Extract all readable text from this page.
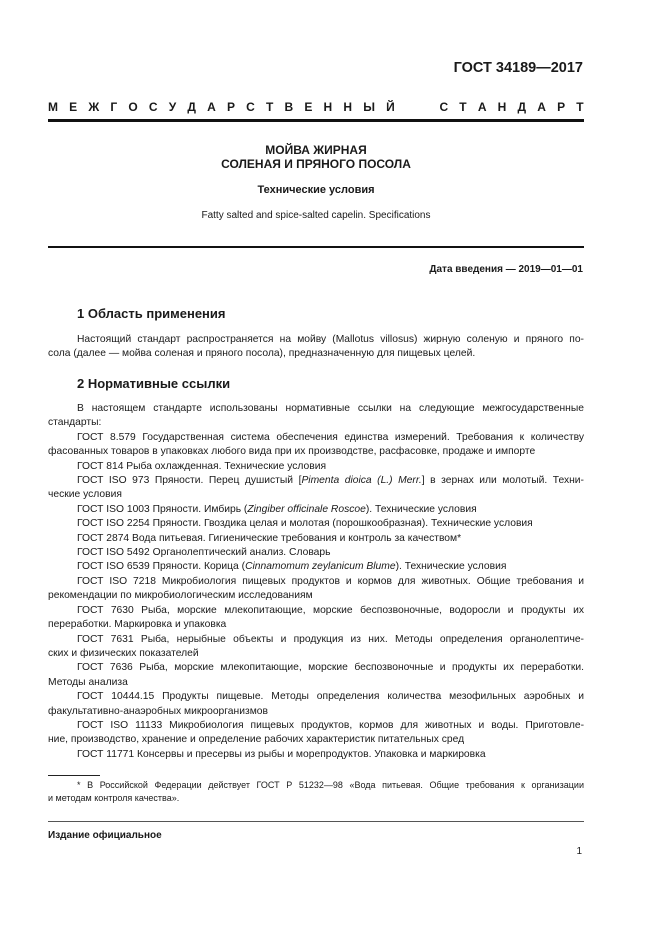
ГОСТ 34189—2017
М Е Ж Г О С У Д А Р С Т В Е Н Н Ы Й	С Т А Н Д А Р Т
МОЙВА ЖИРНАЯ
СОЛЕНАЯ И ПРЯНОГО ПОСОЛА
Технические условия
Fatty salted and spice-salted capelin. Specifications
Дата введения — 2019—01—01
1 Область применения

Настоящий стандарт распространяется на мойву (Mallotus villosus) жирную соленую и пряного по-

сола (далее — мойва соленая и пряного посола), предназначенную для пищевых целей.

2 Нормативные ссылки

В настоящем стандарте использованы нормативные ссылки на следующие межгосударственные

стандарты:

ГОСТ 8.579 Государственная система обеспечения единства измерений. Требования к количеству

фасованных товаров в упаковках любого вида при их производстве, расфасовке, продаже и импорте

ГОСТ 814 Рыба охлажденная. Технические условия

ГОСТ ISO 973 Пряности. Перец душистый [Pimenta dioica (L.) Merr.] в зернах или молотый. Техни-

ческие условия

ГОСТ ISO 1003 Пряности. Имбирь (Zingiber officinale Roscoe). Технические условия

ГОСТ ISO 2254 Пряности. Гвоздика целая и молотая (порошкообразная). Технические условия

ГОСТ 2874 Вода питьевая. Гигиенические требования и контроль за качеством*

ГОСТ ISO 5492 Органолептический анализ. Словарь

ГОСТ ISO 6539 Пряности. Корица (Cinnamomum zeylanicum Blume). Технические условия

ГОСТ ISO 7218 Микробиология пищевых продуктов и кормов для животных. Общие требования и

рекомендации по микробиологическим исследованиям

ГОСТ 7630 Рыба, морские млекопитающие, морские беспозвоночные, водоросли и продукты их

переработки. Маркировка и упаковка

ГОСТ 7631 Рыба, нерыбные объекты и продукция из них. Методы определения органолептиче-

ских и физических показателей

ГОСТ 7636 Рыба, морские млекопитающие, морские беспозвоночные и продукты их переработки.

Методы анализа

ГОСТ 10444.15 Продукты пищевые. Методы определения количества мезофильных аэробных и

факультативно-анаэробных микроорганизмов

ГОСТ ISO 11133 Микробиология пищевых продуктов, кормов для животных и воды. Приготовле-

ние, производство, хранение и определение рабочих характеристик питательных сред

ГОСТ 11771 Консервы и пресервы из рыбы и морепродуктов. Упаковка и маркировка

* В Российской Федерации действует ГОСТ Р 51232—98 «Вода питьевая. Общие требования к организации

и методам контроля качества».

Издание официальное
1
